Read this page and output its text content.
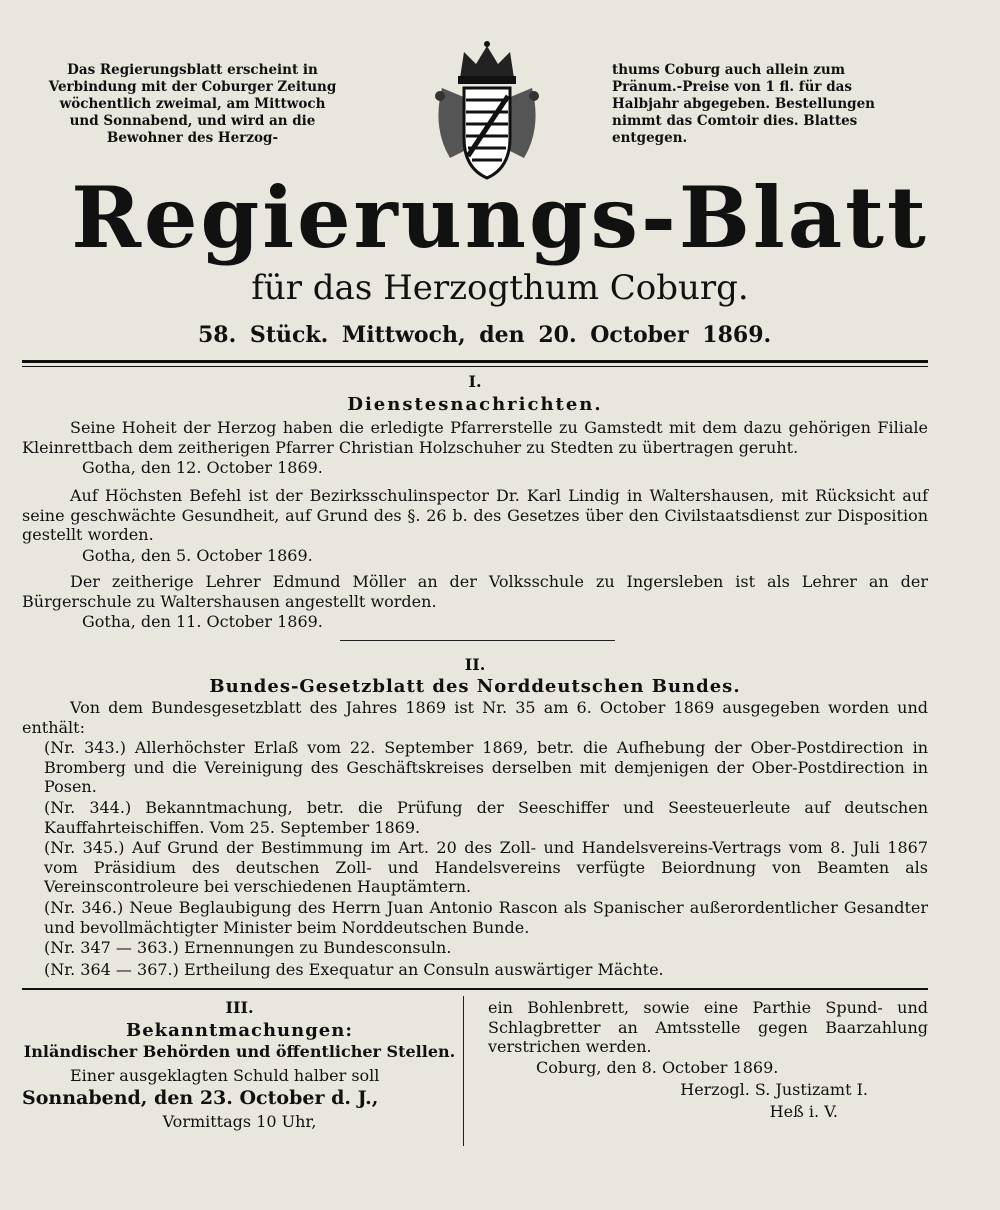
Das Regierungsblatt erscheint in Verbindung mit der Coburger Zeitung wöchentlich zweimal, am Mittwoch und Sonnabend, und wird an die Bewohner des Herzog-
thums Coburg auch allein zum Pränum.-Preise von 1 fl. für das Halbjahr abgegeben. Bestellungen nimmt das Comtoir dies. Blattes entgegen.
Regierungs-Blatt
für das Herzogthum Coburg.
58. Stück. Mittwoch, den 20. October 1869.
I.
Dienstesnachrichten.
Seine Hoheit der Herzog haben die erledigte Pfarrerstelle zu Gamstedt mit dem dazu gehörigen Filiale Kleinrettbach dem zeitherigen Pfarrer Christian Holzschuher zu Stedten zu übertragen geruht.
Gotha, den 12. October 1869.
Auf Höchsten Befehl ist der Bezirksschulinspector Dr. Karl Lindig in Waltershausen, mit Rücksicht auf seine geschwächte Gesundheit, auf Grund des §. 26 b. des Gesetzes über den Civilstaatsdienst zur Disposition gestellt worden.
Gotha, den 5. October 1869.
Der zeitherige Lehrer Edmund Möller an der Volksschule zu Ingersleben ist als Lehrer an der Bürgerschule zu Waltershausen angestellt worden.
Gotha, den 11. October 1869.
II.
Bundes-Gesetzblatt des Norddeutschen Bundes.
Von dem Bundesgesetzblatt des Jahres 1869 ist Nr. 35 am 6. October 1869 ausgegeben worden und enthält:
(Nr. 343.) Allerhöchster Erlaß vom 22. September 1869, betr. die Aufhebung der Ober-Postdirection in Bromberg und die Vereinigung des Geschäftskreises derselben mit demjenigen der Ober-Postdirection in Posen.
(Nr. 344.) Bekanntmachung, betr. die Prüfung der Seeschiffer und Seesteuerleute auf deutschen Kauffahrteischiffen. Vom 25. September 1869.
(Nr. 345.) Auf Grund der Bestimmung im Art. 20 des Zoll- und Handelsvereins-Vertrags vom 8. Juli 1867 vom Präsidium des deutschen Zoll- und Handelsvereins verfügte Beiordnung von Beamten als Vereinscontroleure bei verschiedenen Hauptämtern.
(Nr. 346.) Neue Beglaubigung des Herrn Juan Antonio Rascon als Spanischer außerordentlicher Gesandter und bevollmächtigter Minister beim Norddeutschen Bunde.
(Nr. 347 — 363.) Ernennungen zu Bundesconsuln.
(Nr. 364 — 367.) Ertheilung des Exequatur an Consuln auswärtiger Mächte.
III.
Bekanntmachungen:
Inländischer Behörden und öffentlicher Stellen.
Einer ausgeklagten Schuld halber soll
Sonnabend, den 23. October d. J.,
Vormittags 10 Uhr,
ein Bohlenbrett, sowie eine Parthie Spund- und Schlagbretter an Amtsstelle gegen Baarzahlung verstrichen werden.
Coburg, den 8. October 1869.
Herzogl. S. Justizamt I.
Heß i. V.
